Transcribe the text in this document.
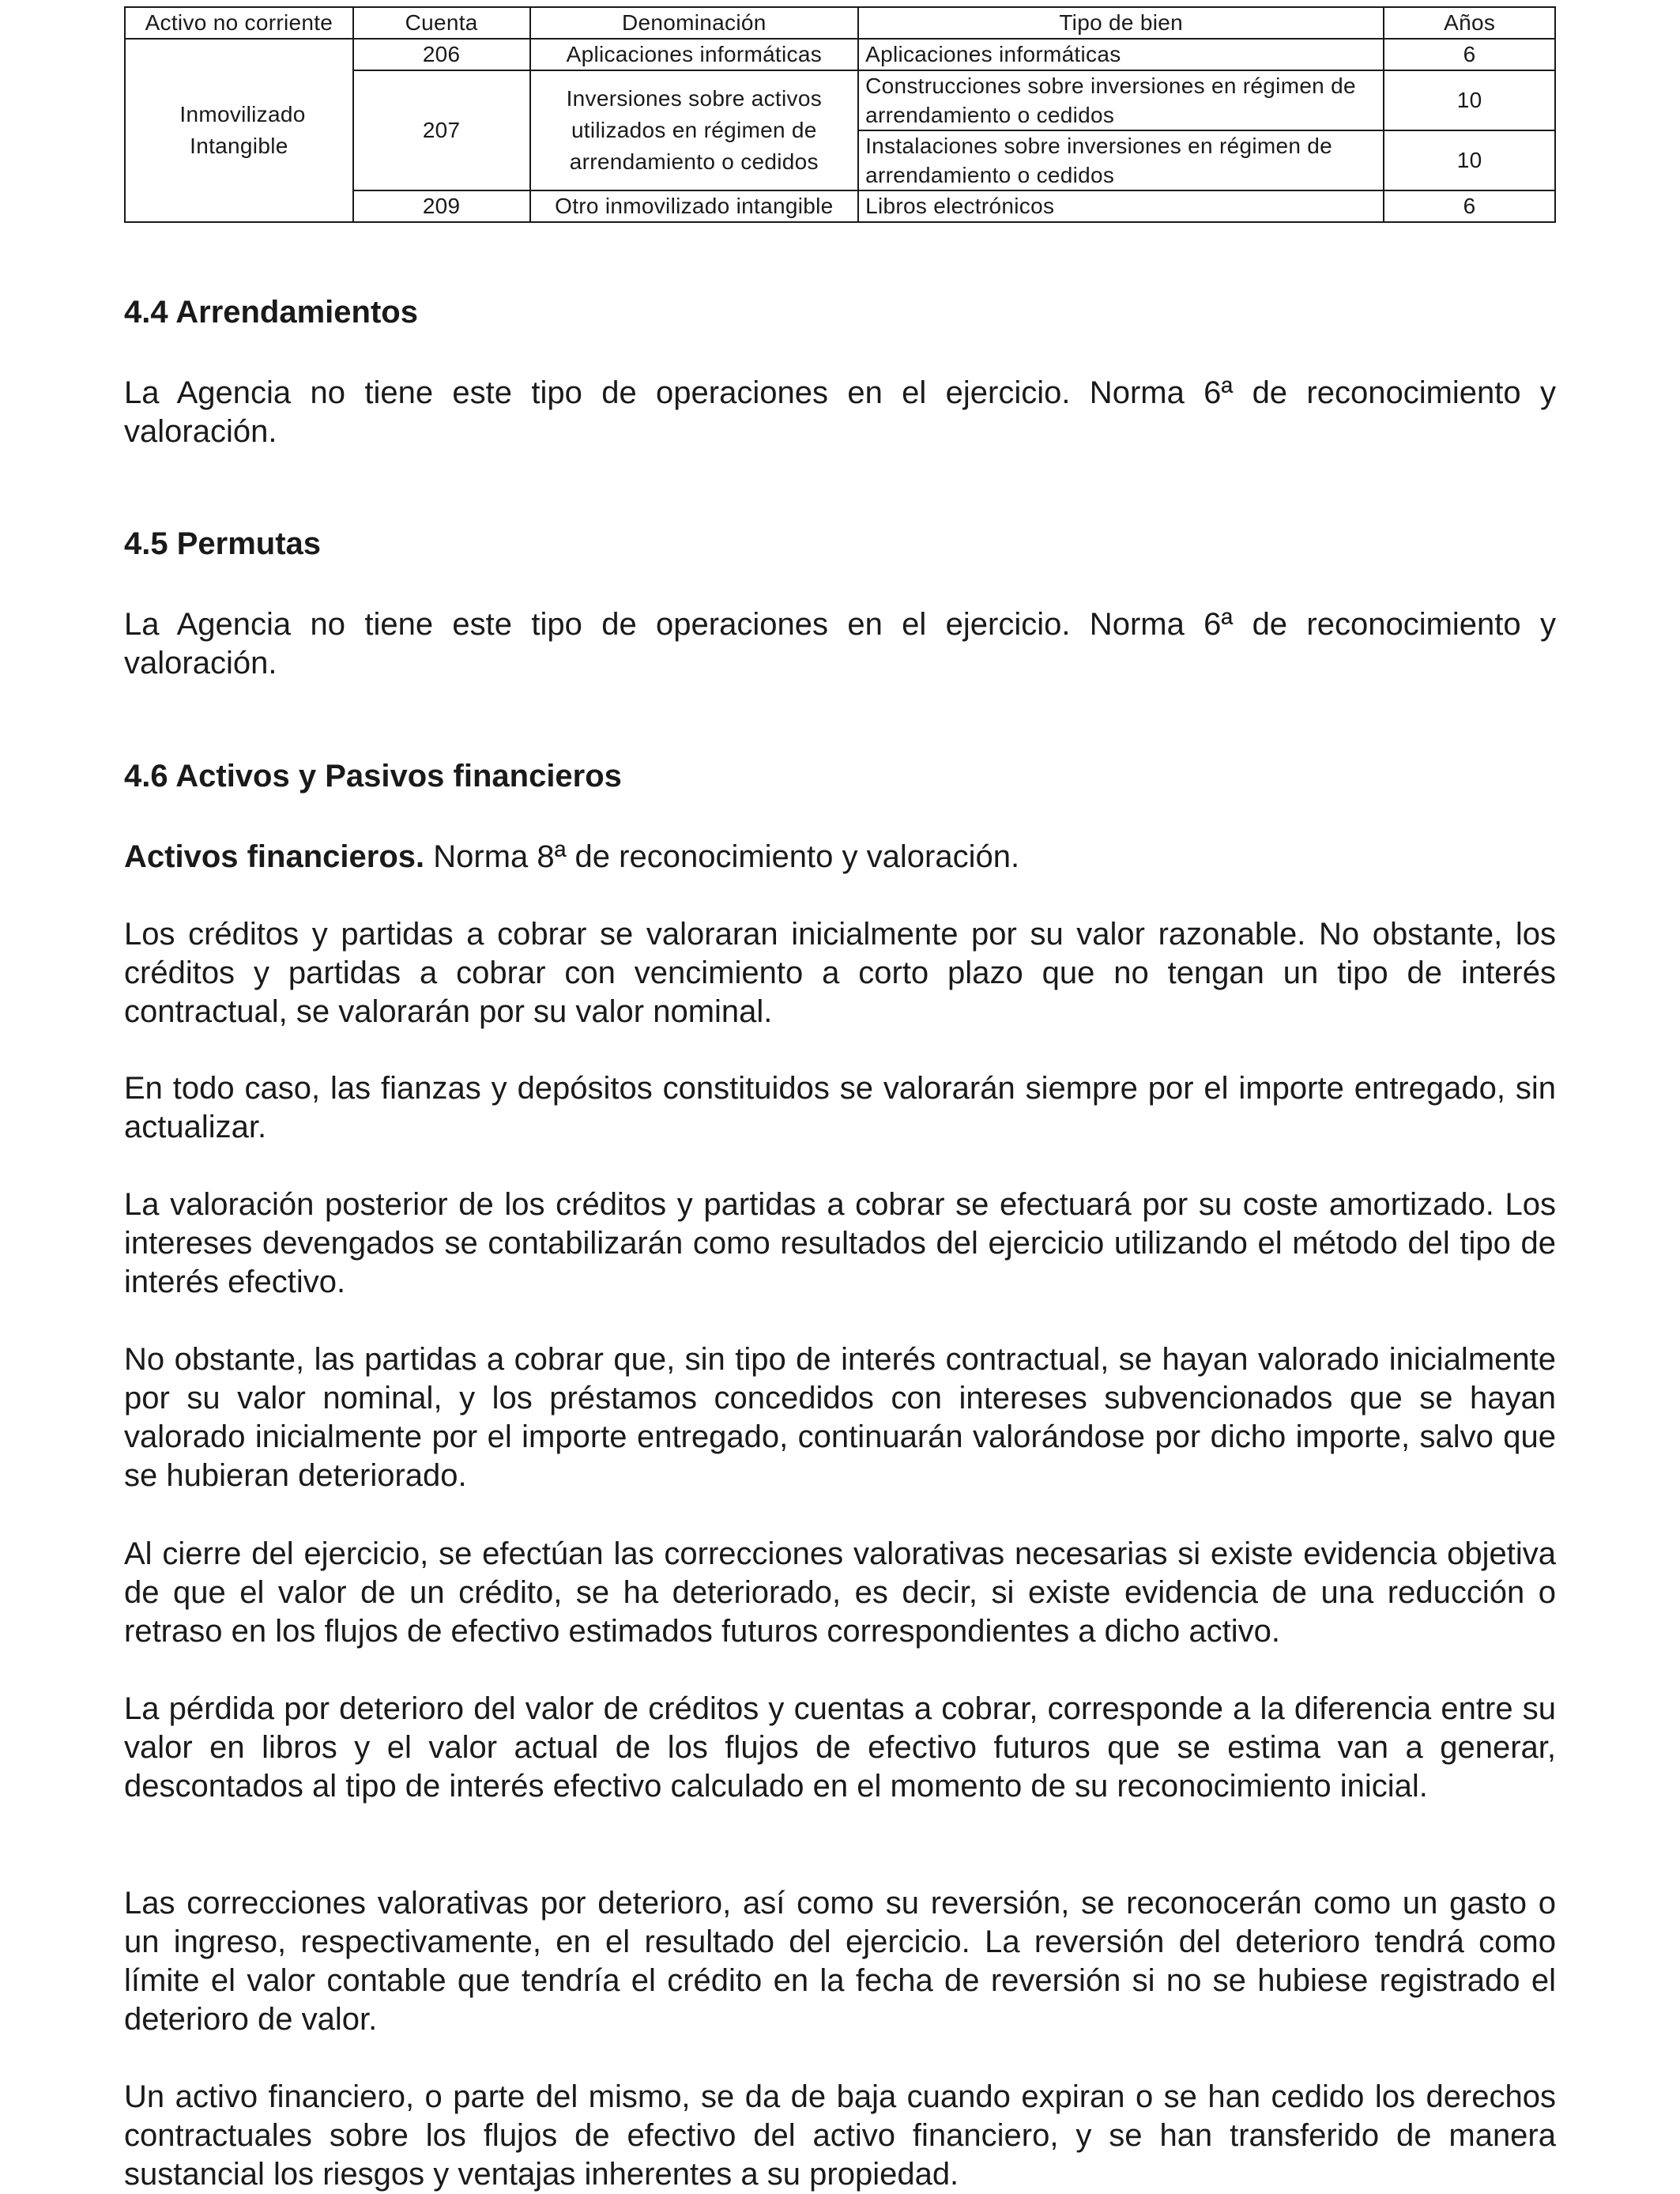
Activo no corriente	Cuenta	Denominación	Tipo de bien	Años
Inmovilizado Intangible	206	Aplicaciones informáticas	Aplicaciones informáticas	6
	207	Inversiones sobre activos utilizados en régimen de arrendamiento o cedidos	Construcciones sobre inversiones en régimen de arrendamiento o cedidos	10
			Instalaciones sobre inversiones en régimen de arrendamiento o cedidos	10
	209	Otro inmovilizado intangible	Libros electrónicos	6
4.4 Arrendamientos

La Agencia no tiene este tipo de operaciones en el ejercicio. Norma 6ª de reconocimiento y valoración.

4.5 Permutas

La Agencia no tiene este tipo de operaciones en el ejercicio. Norma 6ª de reconocimiento y valoración.

4.6 Activos y Pasivos financieros

Activos financieros. Norma 8ª de reconocimiento y valoración.

Los créditos y partidas a cobrar se valoraran inicialmente por su valor razonable. No obstante, los créditos y partidas a cobrar con vencimiento a corto plazo que no tengan un tipo de interés contractual, se valorarán por su valor nominal.

En todo caso, las fianzas y depósitos constituidos se valorarán siempre por el importe entregado, sin actualizar.

La valoración posterior de los créditos y partidas a cobrar se efectuará por su coste amortizado. Los intereses devengados se contabilizarán como resultados del ejercicio utilizando el método del tipo de interés efectivo.

No obstante, las partidas a cobrar que, sin tipo de interés contractual, se hayan valorado inicialmente por su valor nominal, y los préstamos concedidos con intereses subvencionados que se hayan valorado inicialmente por el importe entregado, continuarán valorándose por dicho importe, salvo que se hubieran deteriorado.

Al cierre del ejercicio, se efectúan las correcciones valorativas necesarias si existe evidencia objetiva de que el valor de un crédito, se ha deteriorado, es decir, si existe evidencia de una reducción o retraso en los flujos de efectivo estimados futuros correspondientes a dicho activo.

La pérdida por deterioro del valor de créditos y cuentas a cobrar, corresponde a la diferencia entre su valor en libros y el valor actual de los flujos de efectivo futuros que se estima van a generar, descontados al tipo de interés efectivo calculado en el momento de su reconocimiento inicial.

Las correcciones valorativas por deterioro, así como su reversión, se reconocerán como un gasto o un ingreso, respectivamente, en el resultado del ejercicio. La reversión del deterioro tendrá como límite el valor contable que tendría el crédito en la fecha de reversión si no se hubiese registrado el deterioro de valor.

Un activo financiero, o parte del mismo, se da de baja cuando expiran o se han cedido los derechos contractuales sobre los flujos de efectivo del activo financiero, y se han transferido de manera sustancial los riesgos y ventajas inherentes a su propiedad.
